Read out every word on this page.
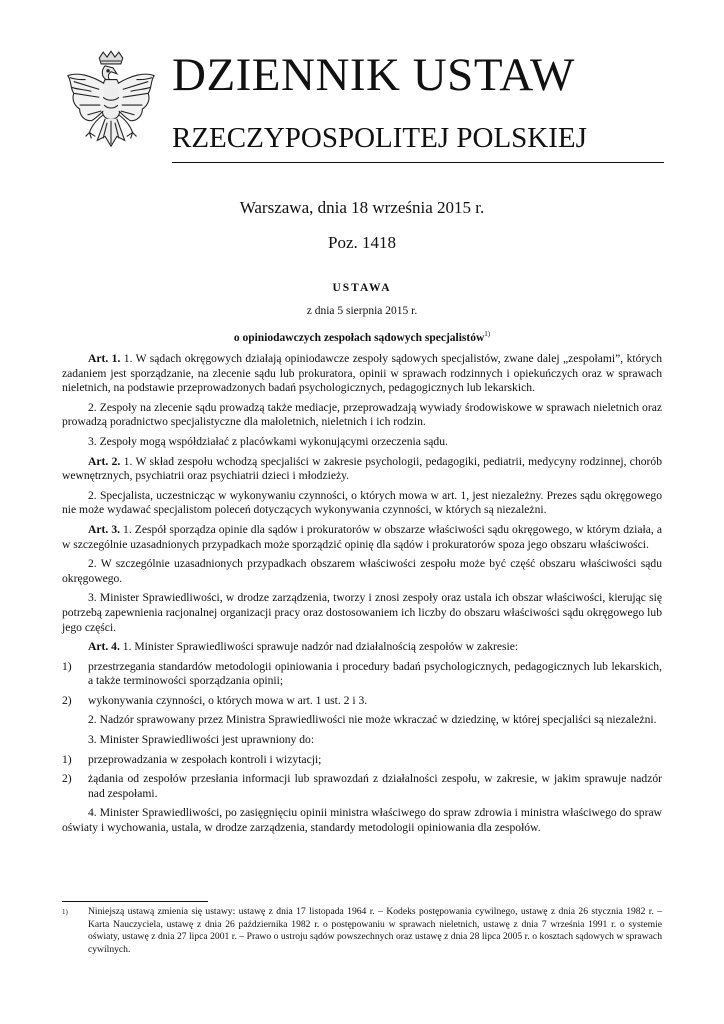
DZIENNIK USTAW
RZECZYPOSPOLITEJ POLSKIEJ
Warszawa, dnia 18 września 2015 r.
Poz. 1418
USTAWA
z dnia 5 sierpnia 2015 r.
o opiniodawczych zespołach sądowych specjalistów$^{1)}$

Art. 1. 1. W sądach okręgowych działają opiniodawcze zespoły sądowych specjalistów, zwane dalej „zespołami”, których zadaniem jest sporządzanie, na zlecenie sądu lub prokuratora, opinii w sprawach rodzinnych i opiekuńczych oraz w sprawach nieletnich, na podstawie przeprowadzonych badań psychologicznych, pedagogicznych lub lekarskich.

2. Zespoły na zlecenie sądu prowadzą także mediacje, przeprowadzają wywiady środowiskowe w sprawach nieletnich oraz prowadzą poradnictwo specjalistyczne dla małoletnich, nieletnich i ich rodzin.

3. Zespoły mogą współdziałać z placówkami wykonującymi orzeczenia sądu.

Art. 2. 1. W skład zespołu wchodzą specjaliści w zakresie psychologii, pedagogiki, pediatrii, medycyny rodzinnej, chorób wewnętrznych, psychiatrii oraz psychiatrii dzieci i młodzieży.

2. Specjalista, uczestnicząc w wykonywaniu czynności, o których mowa w art. 1, jest niezależny. Prezes sądu okręgowego nie może wydawać specjalistom poleceń dotyczących wykonywania czynności, w których są niezależni.

Art. 3. 1. Zespół sporządza opinie dla sądów i prokuratorów w obszarze właściwości sądu okręgowego, w którym działa, a w szczególnie uzasadnionych przypadkach może sporządzić opinię dla sądów i prokuratorów spoza jego obszaru właściwości.

2. W szczególnie uzasadnionych przypadkach obszarem właściwości zespołu może być część obszaru właściwości sądu okręgowego.

3. Minister Sprawiedliwości, w drodze zarządzenia, tworzy i znosi zespoły oraz ustala ich obszar właściwości, kierując się potrzebą zapewnienia racjonalnej organizacji pracy oraz dostosowaniem ich liczby do obszaru właściwości sądu okręgowego lub jego części.

Art. 4. 1. Minister Sprawiedliwości sprawuje nadzór nad działalnością zespołów w zakresie:

1)	przestrzegania standardów metodologii opiniowania i procedury badań psychologicznych, pedagogicznych lub lekarskich, a także terminowości sporządzania opinii;
2)	wykonywania czynności, o których mowa w art. 1 ust. 2 i 3.

2. Nadzór sprawowany przez Ministra Sprawiedliwości nie może wkraczać w dziedzinę, w której specjaliści są niezależni.

3. Minister Sprawiedliwości jest uprawniony do:

1)	przeprowadzania w zespołach kontroli i wizytacji;
2)	żądania od zespołów przesłania informacji lub sprawozdań z działalności zespołu, w zakresie, w jakim sprawuje nadzór nad zespołami.

4. Minister Sprawiedliwości, po zasięgnięciu opinii ministra właściwego do spraw zdrowia i ministra właściwego do spraw oświaty i wychowania, ustala, w drodze zarządzenia, standardy metodologii opiniowania dla zespołów.

1)	Niniejszą ustawą zmienia się ustawy: ustawę z dnia 17 listopada 1964 r. – Kodeks postępowania cywilnego, ustawę z dnia 26 stycznia 1982 r. – Karta Nauczyciela, ustawę z dnia 26 października 1982 r. o postępowaniu w sprawach nieletnich, ustawę z dnia 7 września 1991 r. o systemie oświaty, ustawę z dnia 27 lipca 2001 r. – Prawo o ustroju sądów powszechnych oraz ustawę z dnia 28 lipca 2005 r. o kosztach sądowych w sprawach cywilnych.
